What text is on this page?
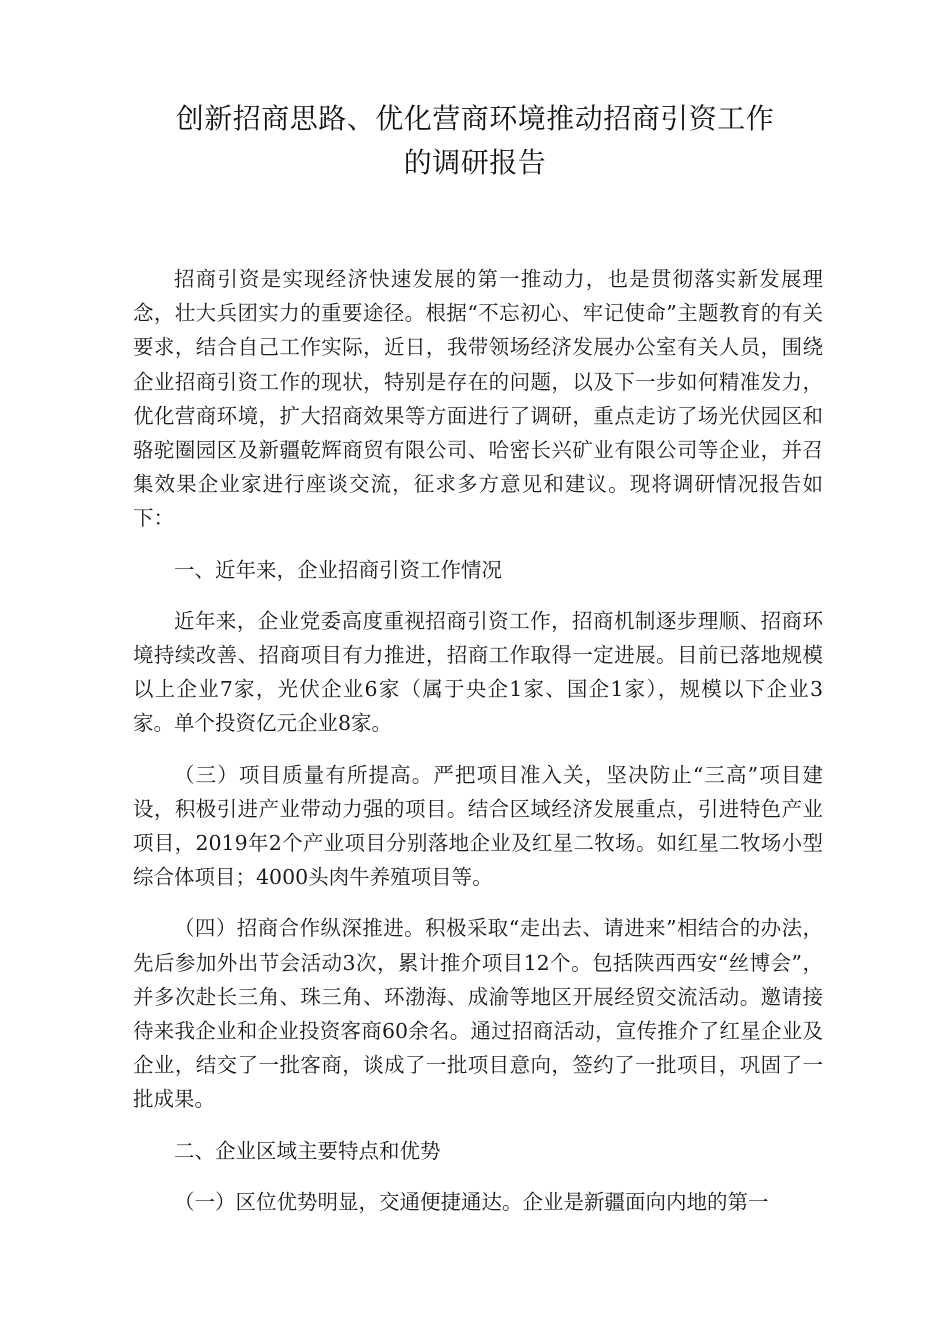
创新招商思路、优化营商环境推动招商引资工作
的调研报告

招商引资是实现经济快速发展的第一推动力，也是贯彻落实新发展理念，壮大兵团实力的重要途径。根据“不忘初心、牢记使命”主题教育的有关要求，结合自己工作实际，近日，我带领场经济发展办公室有关人员，围绕企业招商引资工作的现状，特别是存在的问题，以及下一步如何精准发力，优化营商环境，扩大招商效果等方面进行了调研，重点走访了场光伏园区和骆驼圈园区及新疆乾辉商贸有限公司、哈密长兴矿业有限公司等企业，并召集效果企业家进行座谈交流，征求多方意见和建议。现将调研情况报告如下：

一、近年来，企业招商引资工作情况

近年来，企业党委高度重视招商引资工作，招商机制逐步理顺、招商环境持续改善、招商项目有力推进，招商工作取得一定进展。目前已落地规模以上企业7家，光伏企业6家（属于央企1家、国企1家），规模以下企业3家。单个投资亿元企业8家。

（三）项目质量有所提高。严把项目准入关，坚决防止“三高”项目建设，积极引进产业带动力强的项目。结合区域经济发展重点，引进特色产业项目，2019年2个产业项目分别落地企业及红星二牧场。如红星二牧场小型综合体项目；4000头肉牛养殖项目等。

（四）招商合作纵深推进。积极采取“走出去、请进来”相结合的办法，先后参加外出节会活动3次，累计推介项目12个。包括陕西西安“丝博会”，并多次赴长三角、珠三角、环渤海、成渝等地区开展经贸交流活动。邀请接待来我企业和企业投资客商60余名。通过招商活动，宣传推介了红星企业及企业，结交了一批客商，谈成了一批项目意向，签约了一批项目，巩固了一批成果。

二、企业区域主要特点和优势

（一）区位优势明显，交通便捷通达。企业是新疆面向内地的第一
